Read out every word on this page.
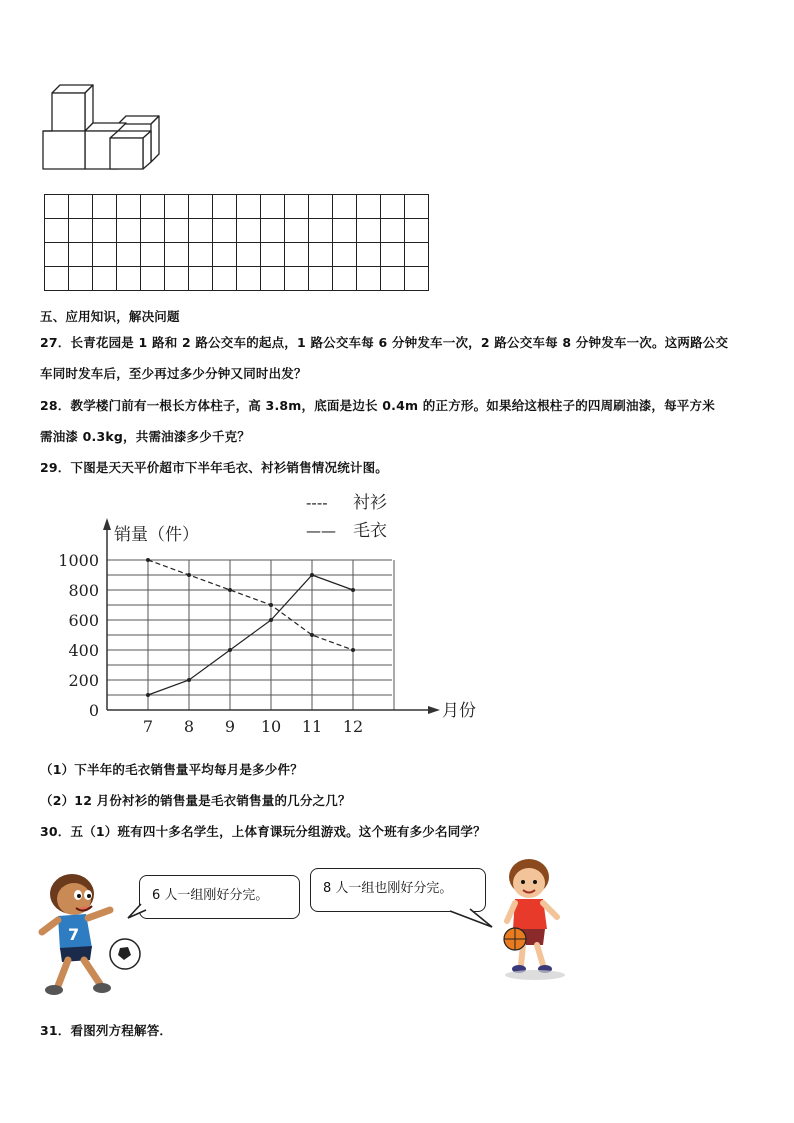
五、应用知识，解决问题
27．长青花园是 1 路和 2 路公交车的起点，1 路公交车每 6 分钟发车一次，2 路公交车每 8 分钟发车一次。这两路公交
车同时发车后，至少再过多少分钟又同时出发？
28．教学楼门前有一根长方体柱子，高 3.8m，底面是边长 0.4m 的正方形。如果给这根柱子的四周刷油漆，每平方米
需油漆 0.3kg，共需油漆多少千克？
29．下图是天天平价超市下半年毛衣、衬衫销售情况统计图。
0
200
400
600
800
1000
7 8 9 10 11 12
---- 衬衫
—— 毛衣
销量（件）
月份
（1）下半年的毛衣销售量平均每月是多少件？
（2）12 月份衬衫的销售量是毛衣销售量的几分之几？
30．五（1）班有四十多名学生，上体育课玩分组游戏。这个班有多少名同学？
7
6 人一组刚好分完。	8 人一组也刚好分完。
31．看图列方程解答．
